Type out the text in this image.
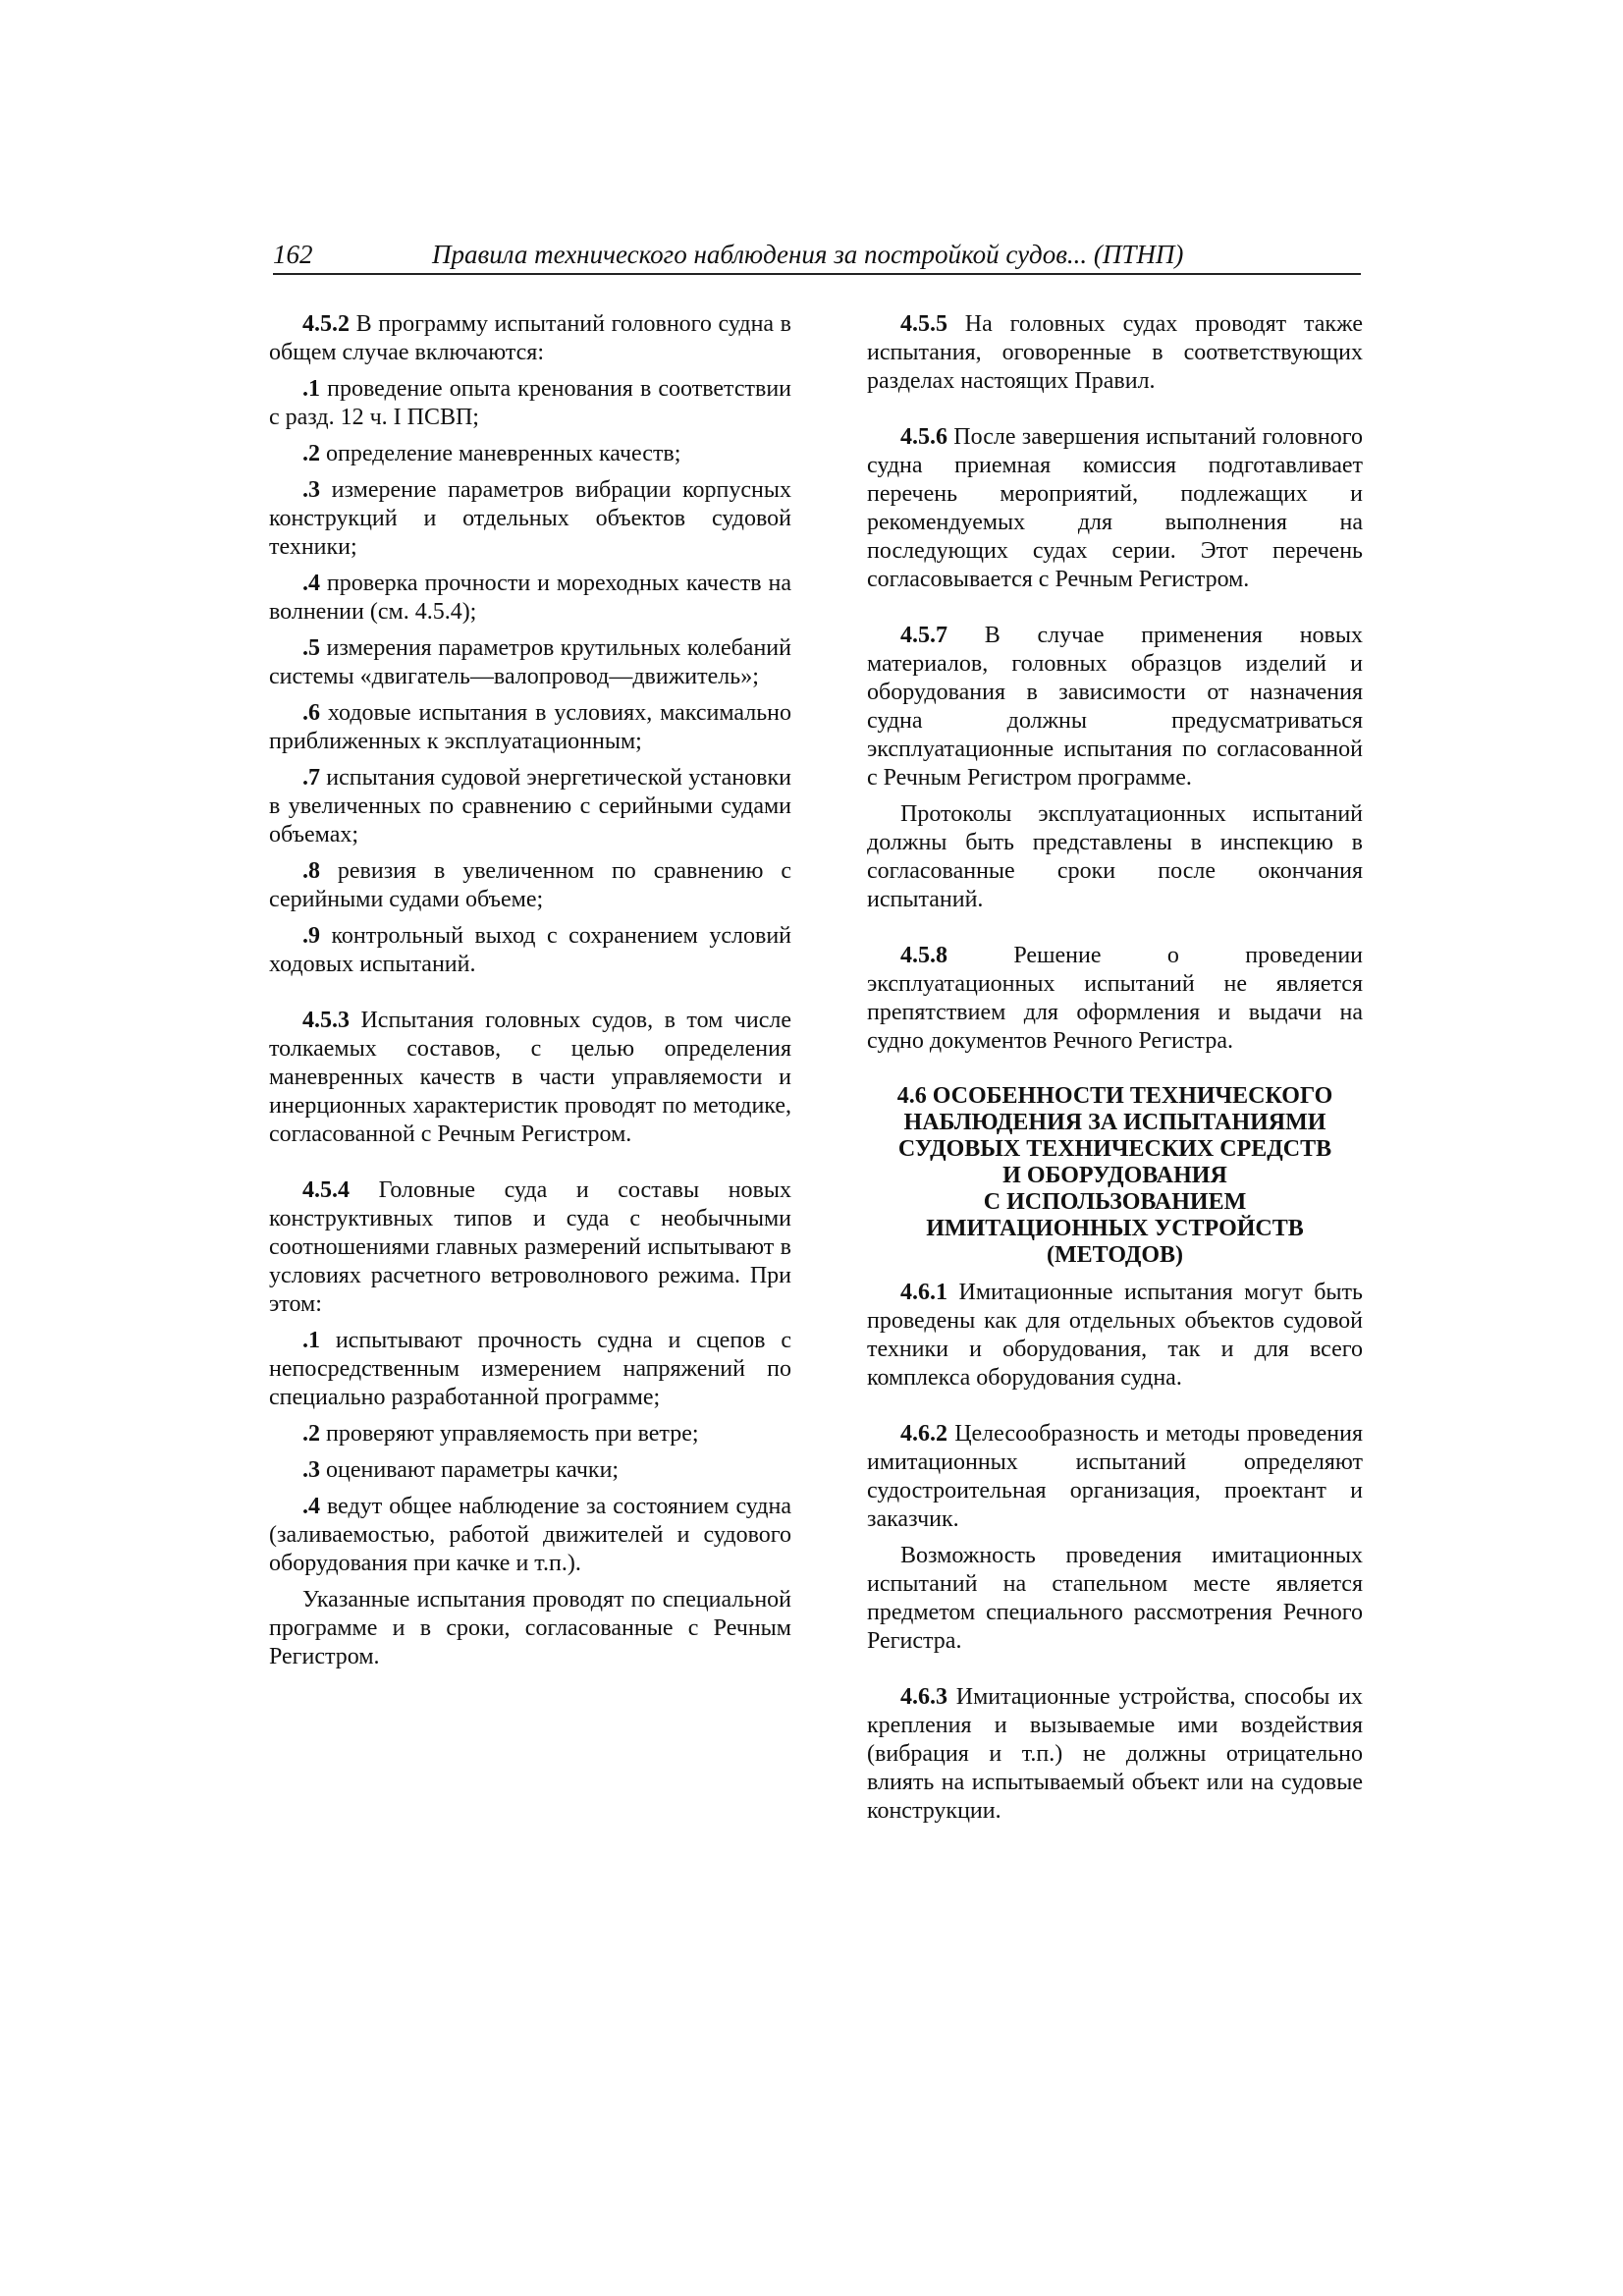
162	Правила технического наблюдения за постройкой судов... (ПТНП)

4.5.2 В программу испытаний головного судна в общем случае включаются:

.1 проведение опыта кренования в соответствии с разд. 12 ч. I ПСВП;

.2 определение маневренных качеств;

.3 измерение параметров вибрации корпусных конструкций и отдельных объектов судовой техники;

.4 проверка прочности и мореходных качеств на волнении (см. 4.5.4);

.5 измерения параметров крутильных колебаний системы «двигатель—валопровод—движитель»;

.6 ходовые испытания в условиях, максимально приближенных к эксплуатационным;

.7 испытания судовой энергетической установки в увеличенных по сравнению с серийными судами объемах;

.8 ревизия в увеличенном по сравнению с серийными судами объеме;

.9 контрольный выход с сохранением условий ходовых испытаний.

4.5.3 Испытания головных судов, в том числе толкаемых составов, с целью определения маневренных качеств в части управляемости и инерционных характеристик проводят по методике, согласованной с Речным Регистром.

4.5.4 Головные суда и составы новых конструктивных типов и суда с необычными соотношениями главных размерений испытывают в условиях расчетного ветроволнового режима. При этом:

.1 испытывают прочность судна и сцепов с непосредственным измерением напряжений по специально разработанной программе;

.2 проверяют управляемость при ветре;

.3 оценивают параметры качки;

.4 ведут общее наблюдение за состоянием судна (заливаемостью, работой движителей и судового оборудования при качке и т.п.).

Указанные испытания проводят по специальной программе и в сроки, согласованные с Речным Регистром.

4.5.5 На головных судах проводят также испытания, оговоренные в соответствующих разделах настоящих Правил.

4.5.6 После завершения испытаний головного судна приемная комиссия подготавливает перечень мероприятий, подлежащих и рекомендуемых для выполнения на последующих судах серии. Этот перечень согласовывается с Речным Регистром.

4.5.7 В случае применения новых материалов, головных образцов изделий и оборудования в зависимости от назначения судна должны предусматриваться эксплуатационные испытания по согласованной с Речным Регистром программе.

Протоколы эксплуатационных испытаний должны быть представлены в инспекцию в согласованные сроки после окончания испытаний.

4.5.8 Решение о проведении эксплуатационных испытаний не является препятствием для оформления и выдачи на судно документов Речного Регистра.

4.6 ОСОБЕННОСТИ ТЕХНИЧЕСКОГО
НАБЛЮДЕНИЯ ЗА ИСПЫТАНИЯМИ
СУДОВЫХ ТЕХНИЧЕСКИХ СРЕДСТВ
И ОБОРУДОВАНИЯ
С ИСПОЛЬЗОВАНИЕМ
ИМИТАЦИОННЫХ УСТРОЙСТВ
(МЕТОДОВ)

4.6.1 Имитационные испытания могут быть проведены как для отдельных объектов судовой техники и оборудования, так и для всего комплекса оборудования судна.

4.6.2 Целесообразность и методы проведения имитационных испытаний определяют судостроительная организация, проектант и заказчик.

Возможность проведения имитационных испытаний на стапельном месте является предметом специального рассмотрения Речного Регистра.

4.6.3 Имитационные устройства, способы их крепления и вызываемые ими воздействия (вибрация и т.п.) не должны отрицательно влиять на испытываемый объект или на судовые конструкции.
